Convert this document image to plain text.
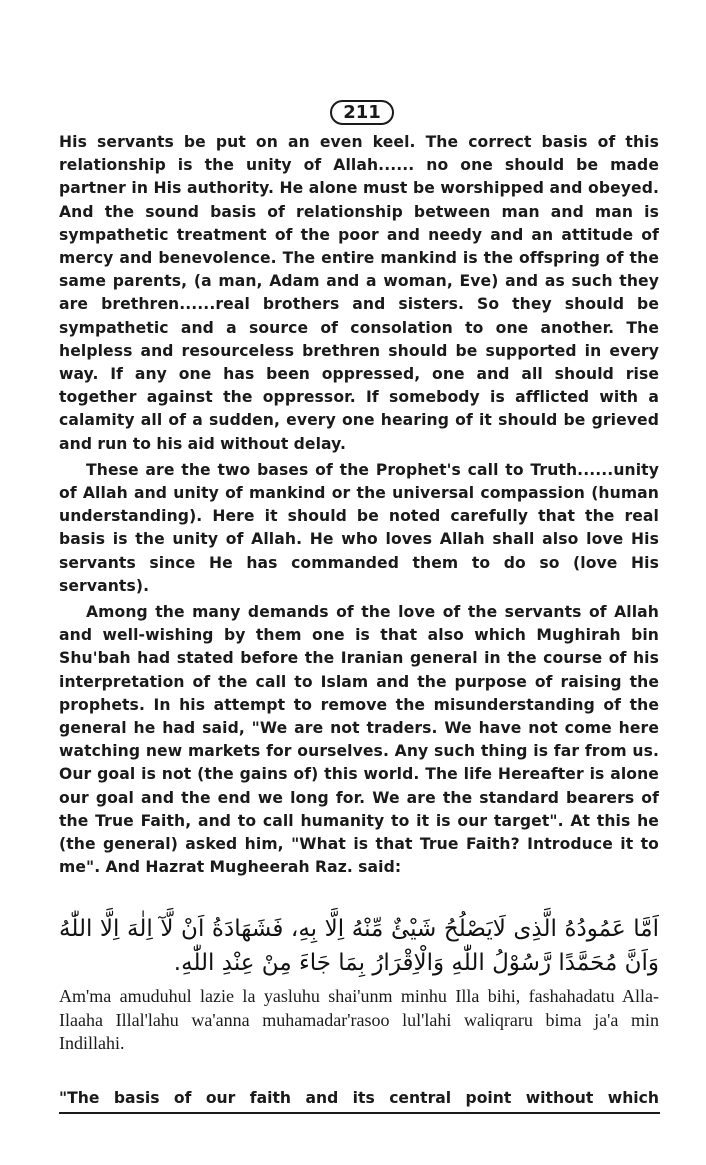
211

His servants be put on an even keel. The correct basis of this relationship is the unity of Allah...... no one should be made partner in His authority. He alone must be worshipped and obeyed. And the sound basis of relationship between man and man is sympathetic treatment of the poor and needy and an attitude of mercy and benevolence. The entire mankind is the offspring of the same parents, (a man, Adam and a woman, Eve) and as such they are brethren......real brothers and sisters. So they should be sympathetic and a source of consolation to one another. The helpless and resourceless brethren should be supported in every way. If any one has been oppressed, one and all should rise together against the oppressor. If somebody is afflicted with a calamity all of a sudden, every one hearing of it should be grieved and run to his aid without delay.

These are the two bases of the Prophet's call to Truth......unity of Allah and unity of mankind or the universal compassion (human understanding). Here it should be noted carefully that the real basis is the unity of Allah. He who loves Allah shall also love His servants since He has commanded them to do so (love His servants).

Among the many demands of the love of the servants of Allah and well-wishing by them one is that also which Mughirah bin Shu'bah had stated before the Iranian general in the course of his interpretation of the call to Islam and the purpose of raising the prophets. In his attempt to remove the misunderstanding of the general he had said, "We are not traders. We have not come here watching new markets for ourselves. Any such thing is far from us. Our goal is not (the gains of) this world. The life Hereafter is alone our goal and the end we long for. We are the standard bearers of the True Faith, and to call humanity to it is our target". At this he (the general) asked him, "What is that True Faith? Introduce it to me". And Hazrat Mugheerah Raz. said:

اَمَّا عَمُودُهُ الَّذِى لَايَصْلُحُ شَيْئٌ مِّنْهُ اِلَّا بِهِ، فَشَهَادَةُ اَنْ لَّآ اِلٰهَ اِلَّا اللّٰهُ وَاَنَّ مُحَمَّدًا رَّسُوْلُ اللّٰهِ وَالْاِقْرَارُ بِمَا جَاءَ مِنْ عِنْدِ اللّٰهِ.
Am'ma amuduhul lazie la yasluhu shai'unm minhu Illa bihi, fashahadatu Alla-Ilaaha Illal'lahu wa'anna muhamadar'rasoo lul'lahi waliqraru bima ja'a min Indillahi.
"The basis of our faith and its central point without which
